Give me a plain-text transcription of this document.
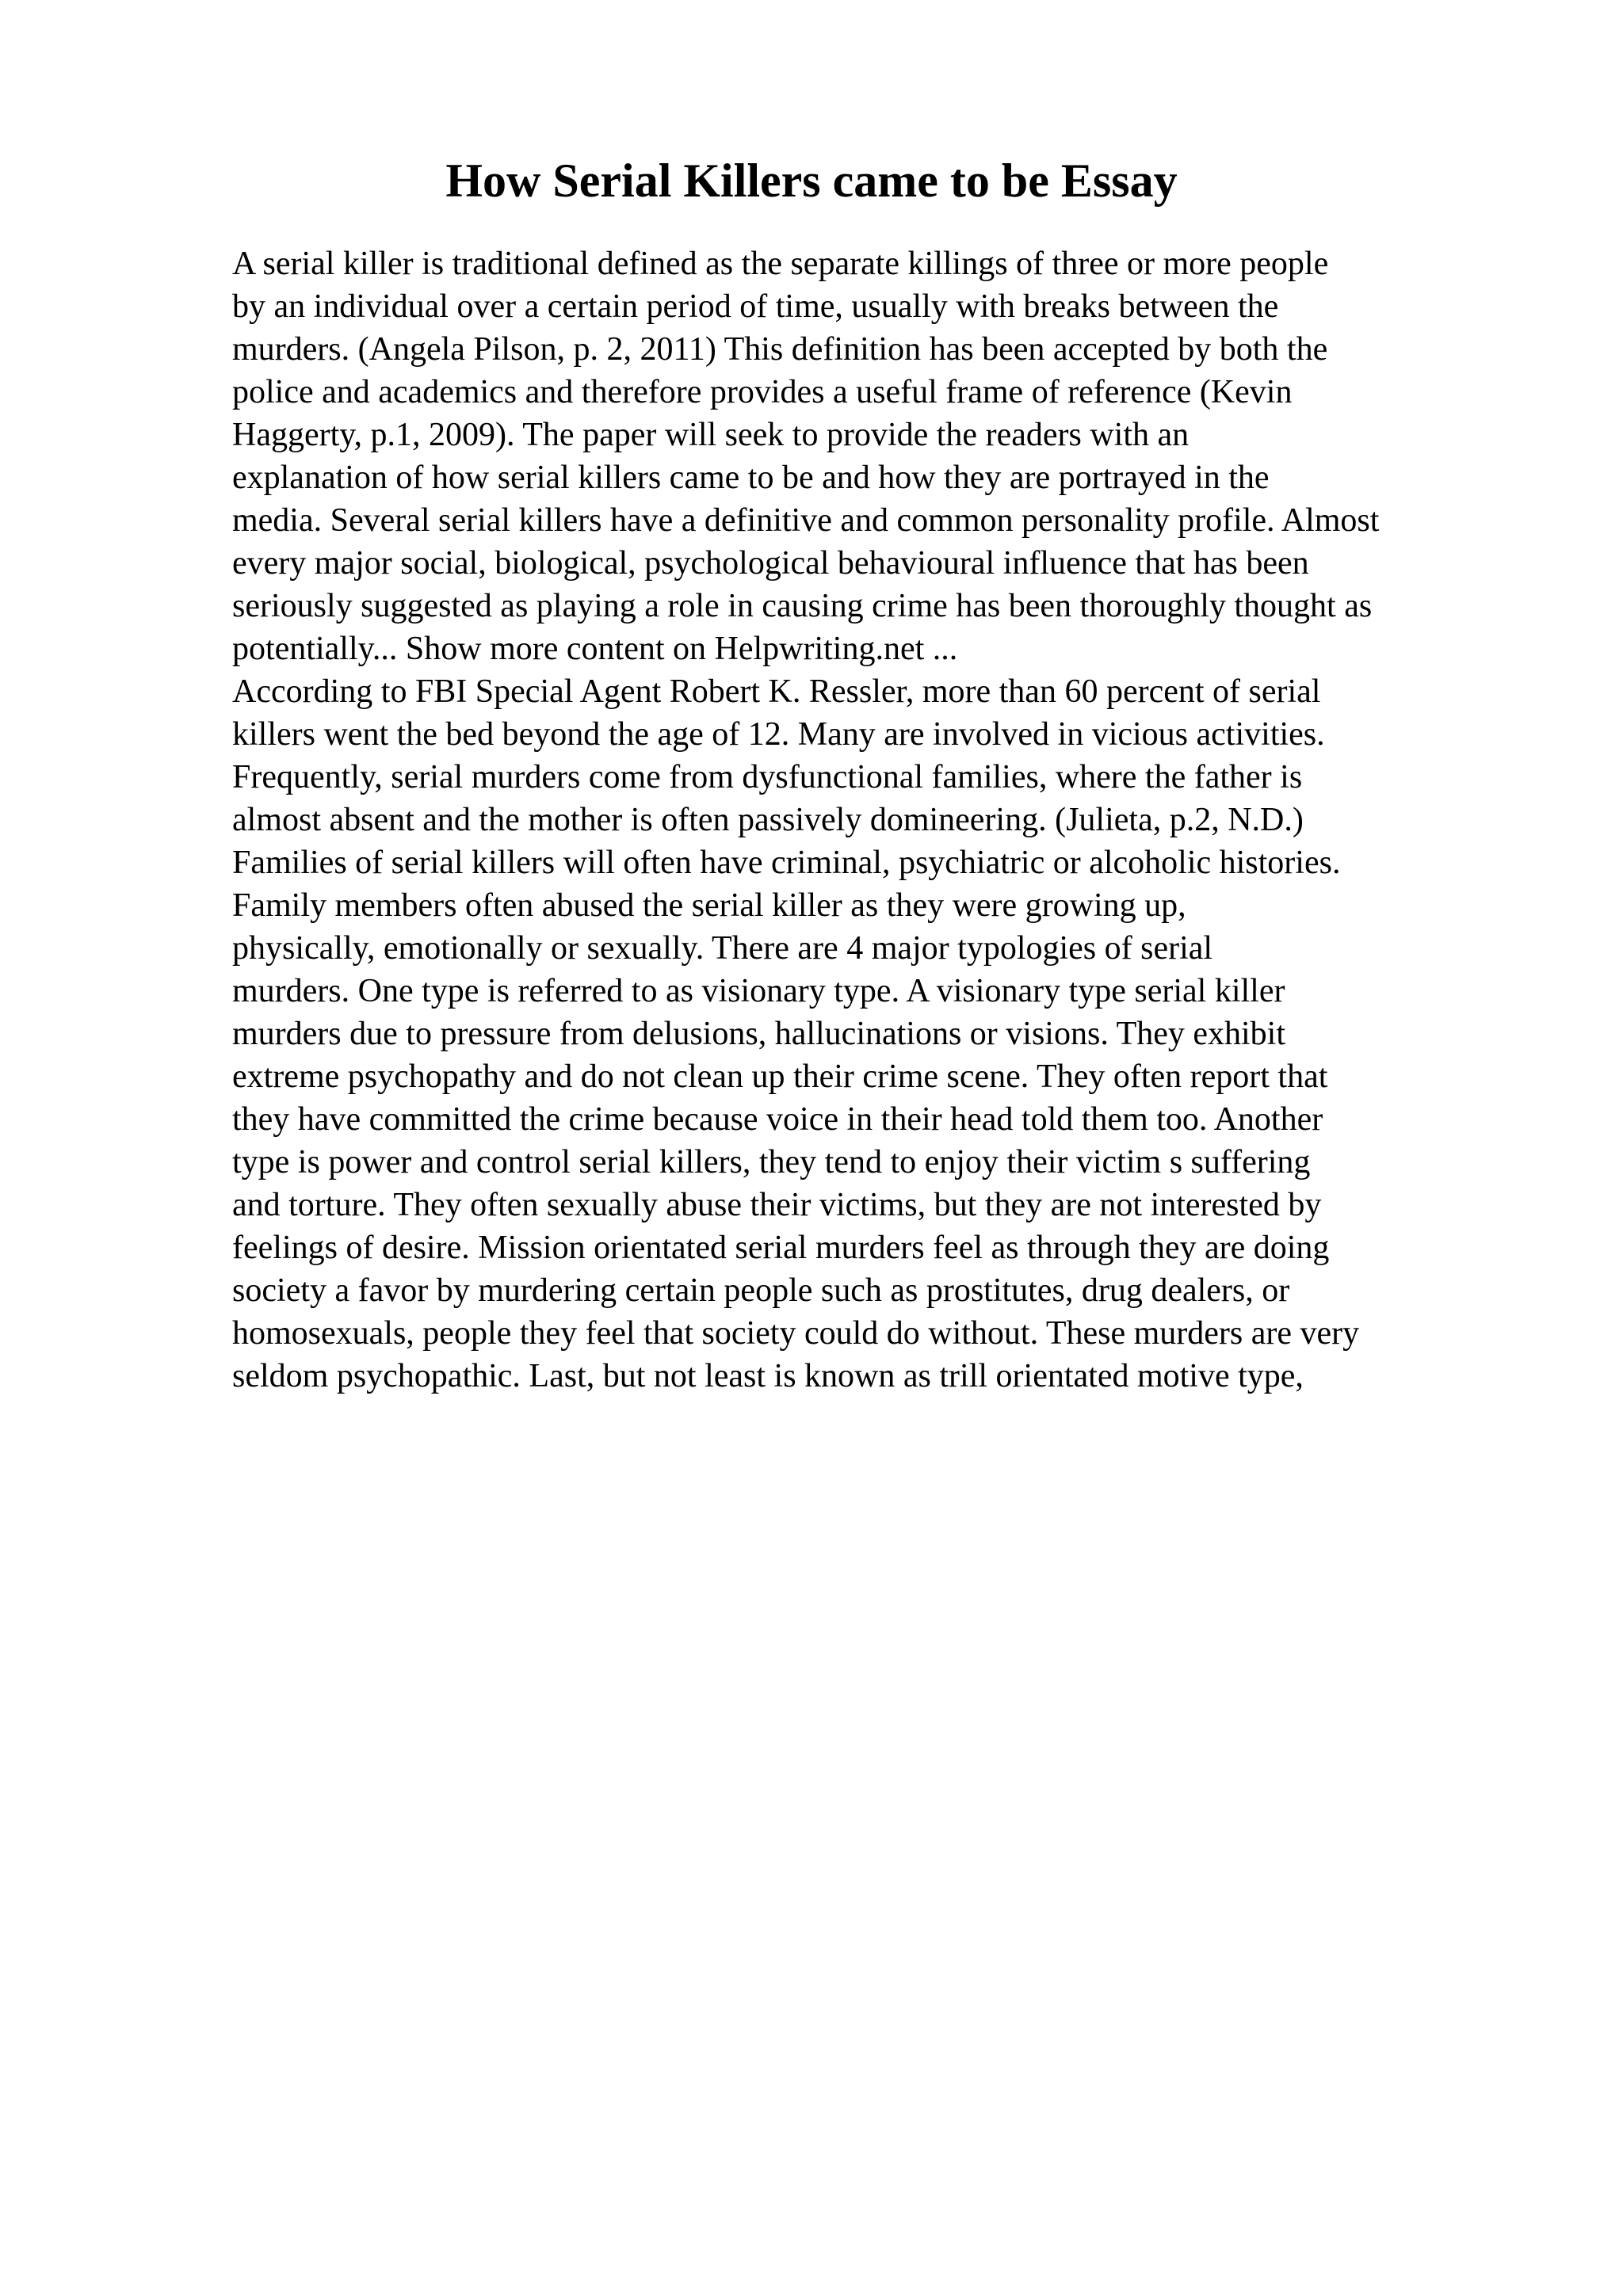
How Serial Killers came to be Essay
A serial killer is traditional defined as the separate killings of three or more people
by an individual over a certain period of time, usually with breaks between the
murders. (Angela Pilson, p. 2, 2011) This definition has been accepted by both the
police and academics and therefore provides a useful frame of reference (Kevin
Haggerty, p.1, 2009). The paper will seek to provide the readers with an
explanation of how serial killers came to be and how they are portrayed in the
media. Several serial killers have a definitive and common personality profile. Almost
every major social, biological, psychological behavioural influence that has been
seriously suggested as playing a role in causing crime has been thoroughly thought as
potentially... Show more content on Helpwriting.net ...
According to FBI Special Agent Robert K. Ressler, more than 60 percent of serial
killers went the bed beyond the age of 12. Many are involved in vicious activities.
Frequently, serial murders come from dysfunctional families, where the father is
almost absent and the mother is often passively domineering. (Julieta, p.2, N.D.)
Families of serial killers will often have criminal, psychiatric or alcoholic histories.
Family members often abused the serial killer as they were growing up,
physically, emotionally or sexually. There are 4 major typologies of serial
murders. One type is referred to as visionary type. A visionary type serial killer
murders due to pressure from delusions, hallucinations or visions. They exhibit
extreme psychopathy and do not clean up their crime scene. They often report that
they have committed the crime because voice in their head told them too. Another
type is power and control serial killers, they tend to enjoy their victim s suffering
and torture. They often sexually abuse their victims, but they are not interested by
feelings of desire. Mission orientated serial murders feel as through they are doing
society a favor by murdering certain people such as prostitutes, drug dealers, or
homosexuals, people they feel that society could do without. These murders are very
seldom psychopathic. Last, but not least is known as trill orientated motive type,
